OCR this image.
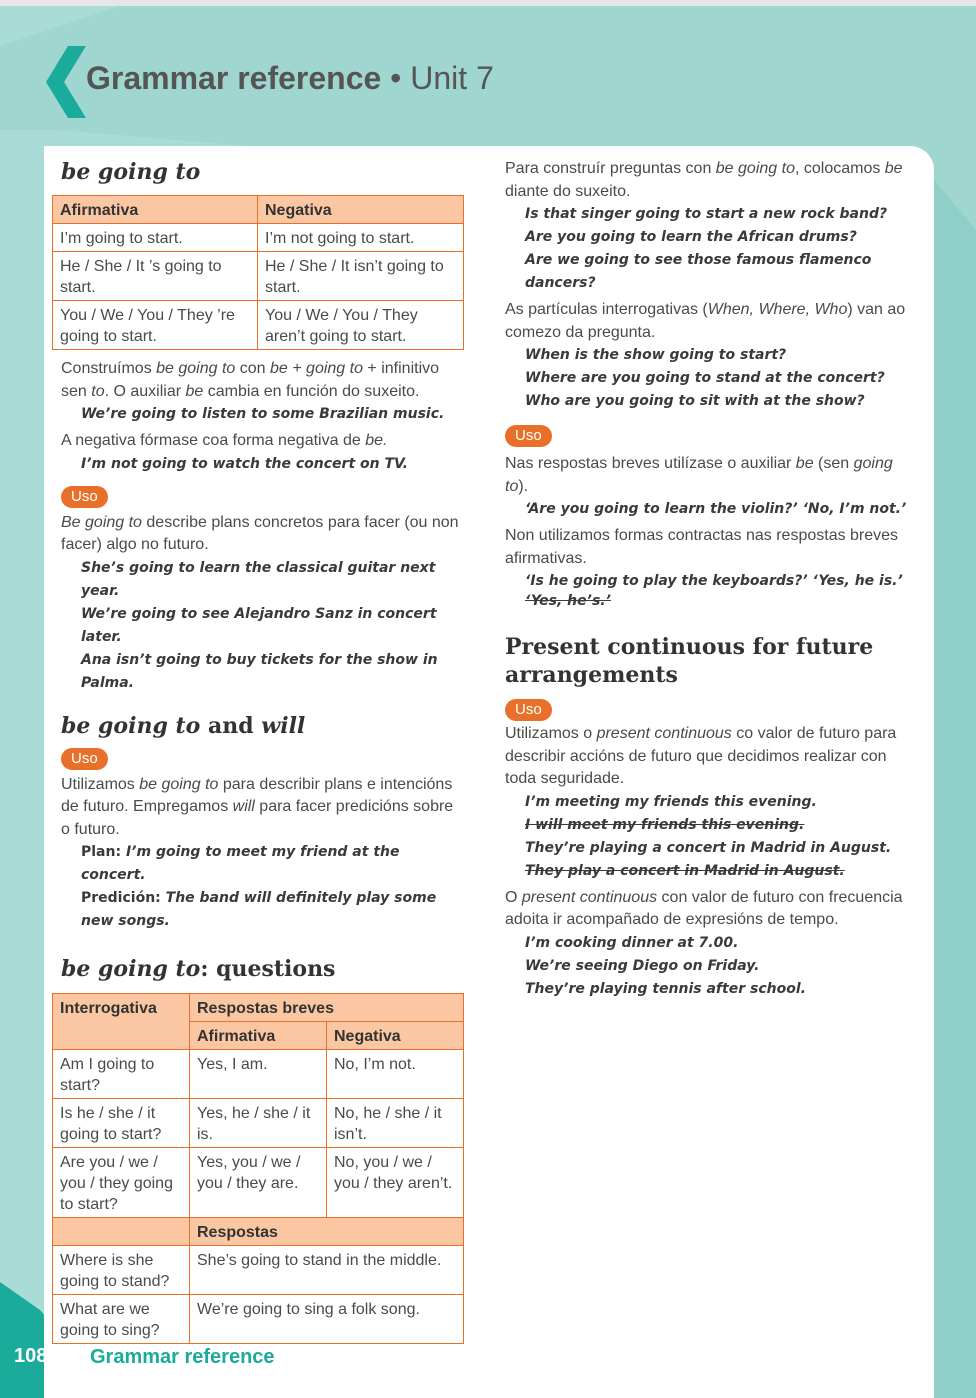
Grammar reference • Unit 7
be going to
Afirmativa	Negativa
I’m going to start.	I’m not going to start.
He / She / It ’s going to start.	He / She / It isn’t going to start.
You / We / You / They ’re going to start.	You / We / You / They aren’t going to start.

Construímos be going to con be + going to + infinitivo sen to. O auxiliar be cambia en función do suxeito.

We’re going to listen to some Brazilian music.

A negativa fórmase coa forma negativa de be.

I’m not going to watch the concert on TV.

Uso

Be going to describe plans concretos para facer (ou non facer) algo no futuro.

She’s going to learn the classical guitar next year.

We’re going to see Alejandro Sanz in concert later.

Ana isn’t going to buy tickets for the show in Palma.

be going to and will
Uso

Utilizamos be going to para describir plans e intencións de futuro. Empregamos will para facer predicións sobre o futuro.

Plan: I’m going to meet my friend at the concert.

Predición: The band will definitely play some new songs.

be going to: questions
Interrogativa	Respostas breves	
	Afirmativa	Negativa
Am I going to start?	Yes, I am.	No, I’m not.
Is he / she / it going to start?	Yes, he / she / it is.	No, he / she / it isn’t.
Are you / we / you / they going to start?	Yes, you / we / you / they are.	No, you / we / you / they aren’t.
	Respostas	
Where is she going to stand?	She’s going to stand in the middle.	
What are we going to sing?	We’re going to sing a folk song.	

Para construír preguntas con be going to, colocamos be diante do suxeito.

Is that singer going to start a new rock band?

Are you going to learn the African drums?

Are we going to see those famous flamenco dancers?

As partículas interrogativas (When, Where, Who) van ao comezo da pregunta.

When is the show going to start?

Where are you going to stand at the concert?

Who are you going to sit with at the show?

Uso

Nas respostas breves utilízase o auxiliar be (sen going to).

‘Are you going to learn the violin?’ ‘No, I’m not.’

Non utilizamos formas contractas nas respostas breves afirmativas.

‘Is he going to play the keyboards?’ ‘Yes, he is.’

‘Yes, he’s.’

Present continuous for future arrangements
Uso

Utilizamos o present continuous co valor de futuro para describir accións de futuro que decidimos realizar con toda seguridade.

I’m meeting my friends this evening.

I will meet my friends this evening.

They’re playing a concert in Madrid in August.

They play a concert in Madrid in August.

O present continuous con valor de futuro con frecuencia adoita ir acompañado de expresións de tempo.

I’m cooking dinner at 7.00.

We’re seeing Diego on Friday.

They’re playing tennis after school.

108 Grammar reference
